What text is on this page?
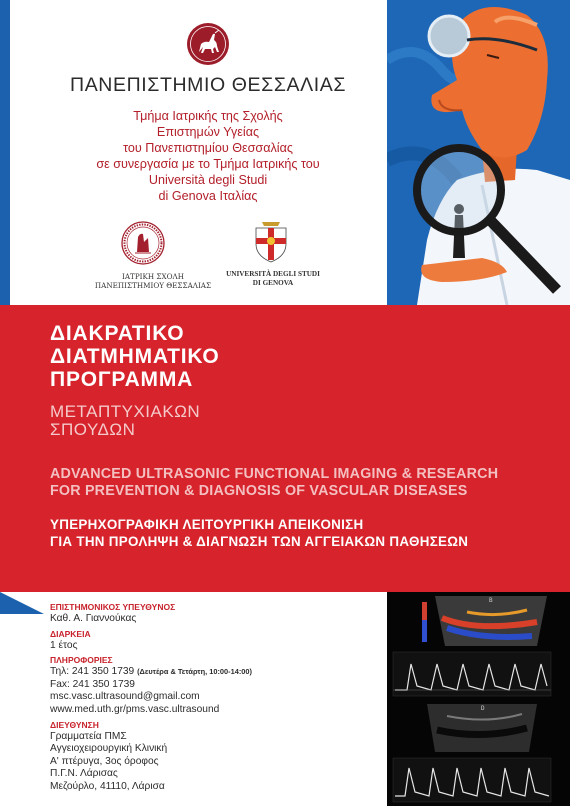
ΠΑΝΕΠΙΣΤΗΜΙΟ ΘΕΣΣΑΛΙΑΣ
Τμήμα Ιατρικής της Σχολής
Επιστημών Υγείας
του Πανεπιστημίου Θεσσαλίας
σε συνεργασία με το Τμήμα Ιατρικής του
Università degli Studi
di Genova Ιταλίας
ΙΑΤΡΙΚΗ ΣΧΟΛΗ
ΠΑΝΕΠΙΣΤΗΜΙΟΥ ΘΕΣΣΑΛΙΑΣ
UNIVERSITÀ DEGLI STUDI
DI GENOVA
ΔΙΑΚΡΑΤΙΚΟ
ΔΙΑΤΜΗΜΑΤΙΚΟ
ΠΡΟΓΡΑΜΜΑ
ΜΕΤΑΠΤΥΧΙΑΚΩΝ
ΣΠΟΥΔΩΝ
ADVANCED ULTRASONIC FUNCTIONAL IMAGING & RESEARCH
FOR PREVENTION & DIAGNOSIS OF VASCULAR DISEASES
ΥΠΕΡΗΧΟΓΡΑΦΙΚΗ ΛΕΙΤΟΥΡΓΙΚΗ ΑΠΕΙΚΟΝΙΣΗ
ΓΙΑ ΤΗΝ ΠΡΟΛΗΨΗ & ΔΙΑΓΝΩΣΗ ΤΩΝ ΑΓΓΕΙΑΚΩΝ ΠΑΘΗΣΕΩΝ
ΕΠΙΣΤΗΜΟΝΙΚΟΣ ΥΠΕΥΘΥΝΟΣ
Καθ. Α. Γιαννούκας
ΔΙΑΡΚΕΙΑ
1 έτος
ΠΛΗΡΟΦΟΡΙΕΣ
Τηλ: 241 350 1739 (Δευτέρα & Τετάρτη, 10:00-14:00)
Fax: 241 350 1739
msc.vasc.ultrasound@gmail.com
www.med.uth.gr/pms.vasc.ultrasound
ΔΙΕΥΘΥΝΣΗ
Γραμματεία ΠΜΣ
Αγγειοχειρουργική Κλινική
Α' πτέρυγα, 3ος όροφος
Π.Γ.Ν. Λάρισας
Μεζούρλο, 41110, Λάρισα
B
D
